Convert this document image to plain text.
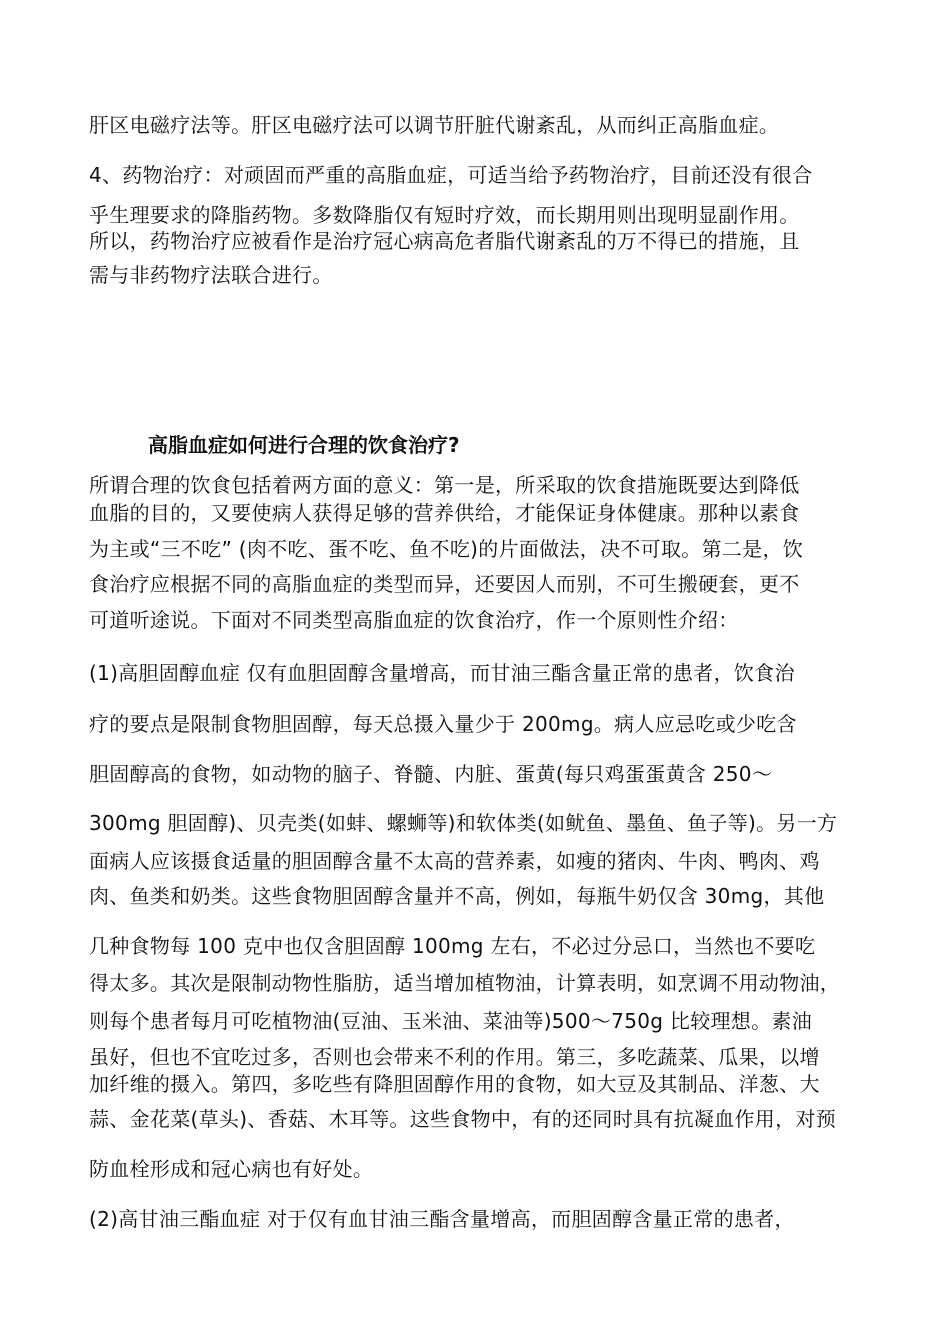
肝区电磁疗法等。肝区电磁疗法可以调节肝脏代谢紊乱，从而纠正高脂血症。
4、药物治疗：对顽固而严重的高脂血症，可适当给予药物治疗，目前还没有很合
乎生理要求的降脂药物。多数降脂仅有短时疗效，而长期用则出现明显副作用。
所以，药物治疗应被看作是治疗冠心病高危者脂代谢紊乱的万不得已的措施，且
需与非药物疗法联合进行。
高脂血症如何进行合理的饮食治疗?
所谓合理的饮食包括着两方面的意义：第一是，所采取的饮食措施既要达到降低
血脂的目的，又要使病人获得足够的营养供给，才能保证身体健康。那种以素食
为主或“三不吃” (肉不吃、蛋不吃、鱼不吃)的片面做法，决不可取。第二是，饮
食治疗应根据不同的高脂血症的类型而异，还要因人而别，不可生搬硬套，更不
可道听途说。下面对不同类型高脂血症的饮食治疗，作一个原则性介绍：
(1)高胆固醇血症 仅有血胆固醇含量增高，而甘油三酯含量正常的患者，饮食治
疗的要点是限制食物胆固醇，每天总摄入量少于 200mg。病人应忌吃或少吃含
胆固醇高的食物，如动物的脑子、脊髓、内脏、蛋黄(每只鸡蛋蛋黄含 250～
300mg 胆固醇)、贝壳类(如蚌、螺蛳等)和软体类(如鱿鱼、墨鱼、鱼子等)。另一方
面病人应该摄食适量的胆固醇含量不太高的营养素，如瘦的猪肉、牛肉、鸭肉、鸡
肉、鱼类和奶类。这些食物胆固醇含量并不高，例如，每瓶牛奶仅含 30mg，其他
几种食物每 100 克中也仅含胆固醇 100mg 左右，不必过分忌口，当然也不要吃
得太多。其次是限制动物性脂肪，适当增加植物油，计算表明，如烹调不用动物油，
则每个患者每月可吃植物油(豆油、玉米油、菜油等)500～750g 比较理想。素油
虽好，但也不宜吃过多，否则也会带来不利的作用。第三，多吃蔬菜、瓜果，以增
加纤维的摄入。第四，多吃些有降胆固醇作用的食物，如大豆及其制品、洋葱、大
蒜、金花菜(草头)、香菇、木耳等。这些食物中，有的还同时具有抗凝血作用，对预
防血栓形成和冠心病也有好处。
(2)高甘油三酯血症 对于仅有血甘油三酯含量增高，而胆固醇含量正常的患者，
